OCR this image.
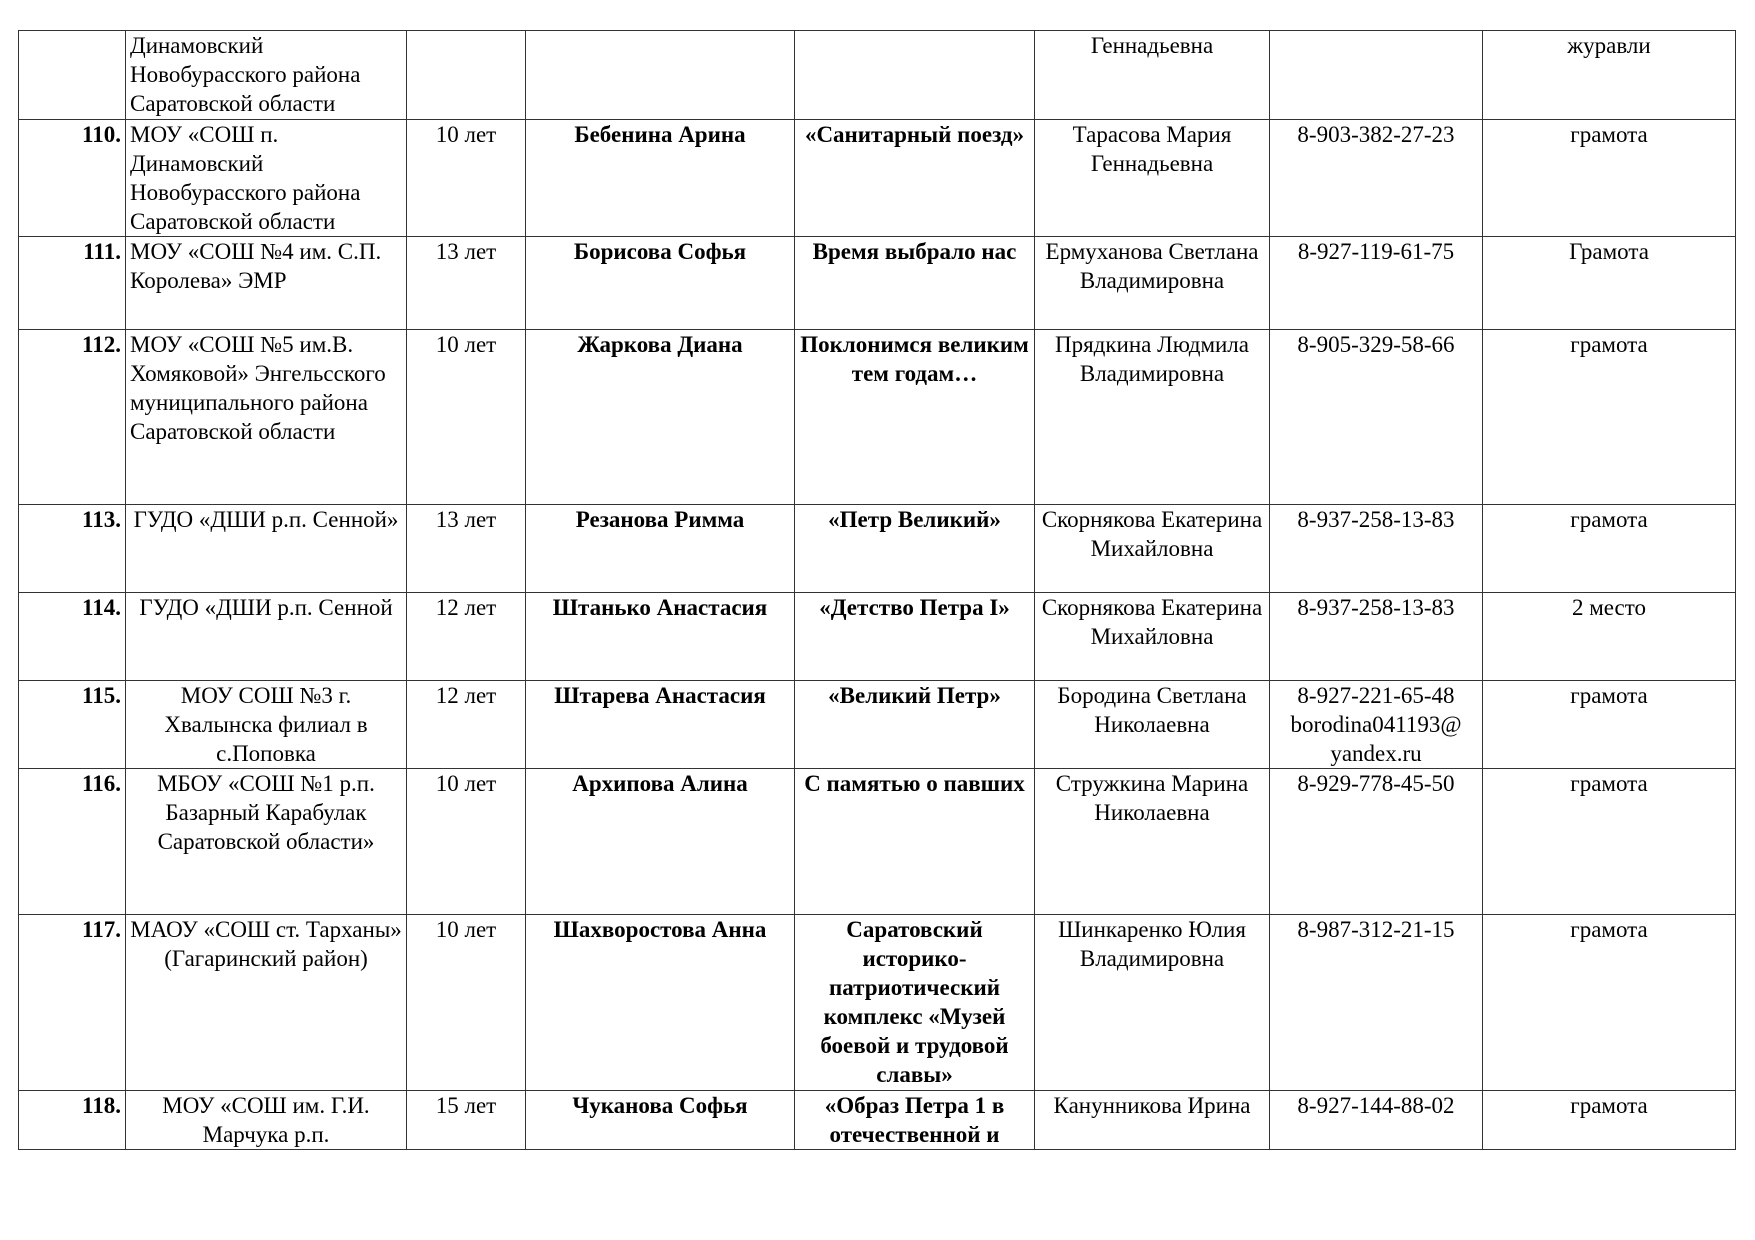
	Динамовский Новобурасского района Саратовской области				Геннадьевна		журавли
110.	МОУ «СОШ п. Динамовский Новобурасского района Саратовской области	10 лет	Бебенина Арина	«Санитарный поезд»	Тарасова Мария Геннадьевна	8-903-382-27-23	грамота
111.	МОУ «СОШ №4 им. С.П. Королева» ЭМР	13 лет	Борисова Софья	Время выбрало нас	Ермуханова Светлана Владимировна	8-927-119-61-75	Грамота
112.	МОУ «СОШ №5 им.В. Хомяковой» Энгельсского муниципального района Саратовской области	10 лет	Жаркова Диана	Поклонимся великим тем годам…	Прядкина Людмила Владимировна	8-905-329-58-66	грамота
113.	ГУДО «ДШИ р.п. Сенной»	13 лет	Резанова Римма	«Петр Великий»	Скорнякова Екатерина Михайловна	8-937-258-13-83	грамота
114.	ГУДО «ДШИ р.п. Сенной	12 лет	Штанько Анастасия	«Детство Петра I»	Скорнякова Екатерина Михайловна	8-937-258-13-83	2 место
115.	МОУ СОШ №3 г. Хвалынска филиал в с.Поповка	12 лет	Штарева Анастасия	«Великий Петр»	Бородина Светлана Николаевна	8-927-221-65-48 borodina041193@ yandex.ru	грамота
116.	МБОУ «СОШ №1 р.п. Базарный Карабулак Саратовской области»	10 лет	Архипова Алина	С памятью о павших	Стружкина Марина Николаевна	8-929-778-45-50	грамота
117.	МАОУ «СОШ ст. Тарханы» (Гагаринский район)	10 лет	Шахворостова Анна	Саратовский историко-патриотический комплекс «Музей боевой и трудовой славы»	Шинкаренко Юлия Владимировна	8-987-312-21-15	грамота
118.	МОУ «СОШ им. Г.И. Марчука р.п.	15 лет	Чуканова Софья	«Образ Петра 1 в отечественной и	Канунникова Ирина	8-927-144-88-02	грамота
